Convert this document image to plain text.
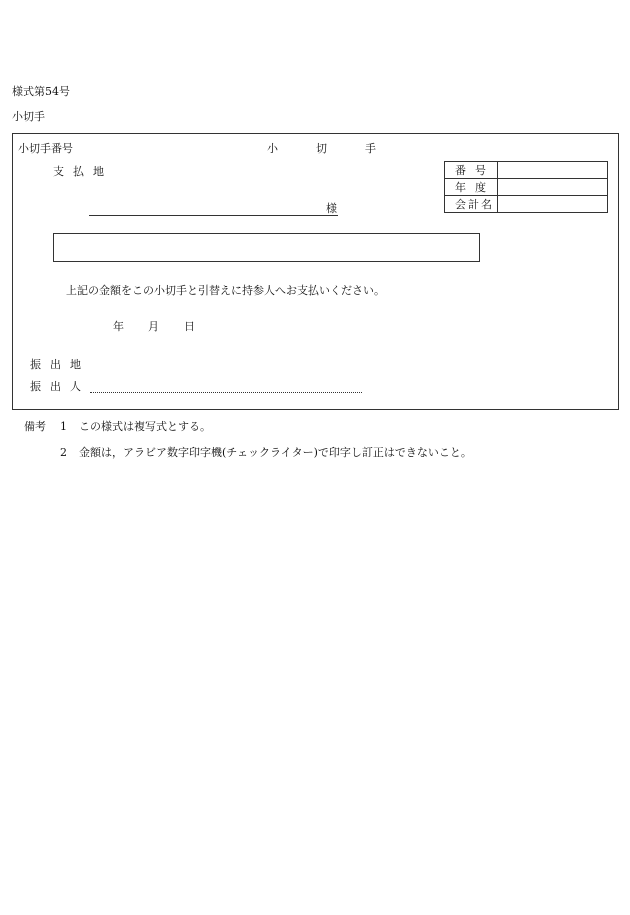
様式第54号
小切手
小切手番号	小切手
支払地	番号	
年度	
会計名	
様
上記の金額をこの小切手と引替えに持参人へお支払いください。
年 月 日
振出地
振出人
備考 1 この様式は複写式とする。
2 金額は，アラビア数字印字機(チェックライター)で印字し訂正はできないこと。
